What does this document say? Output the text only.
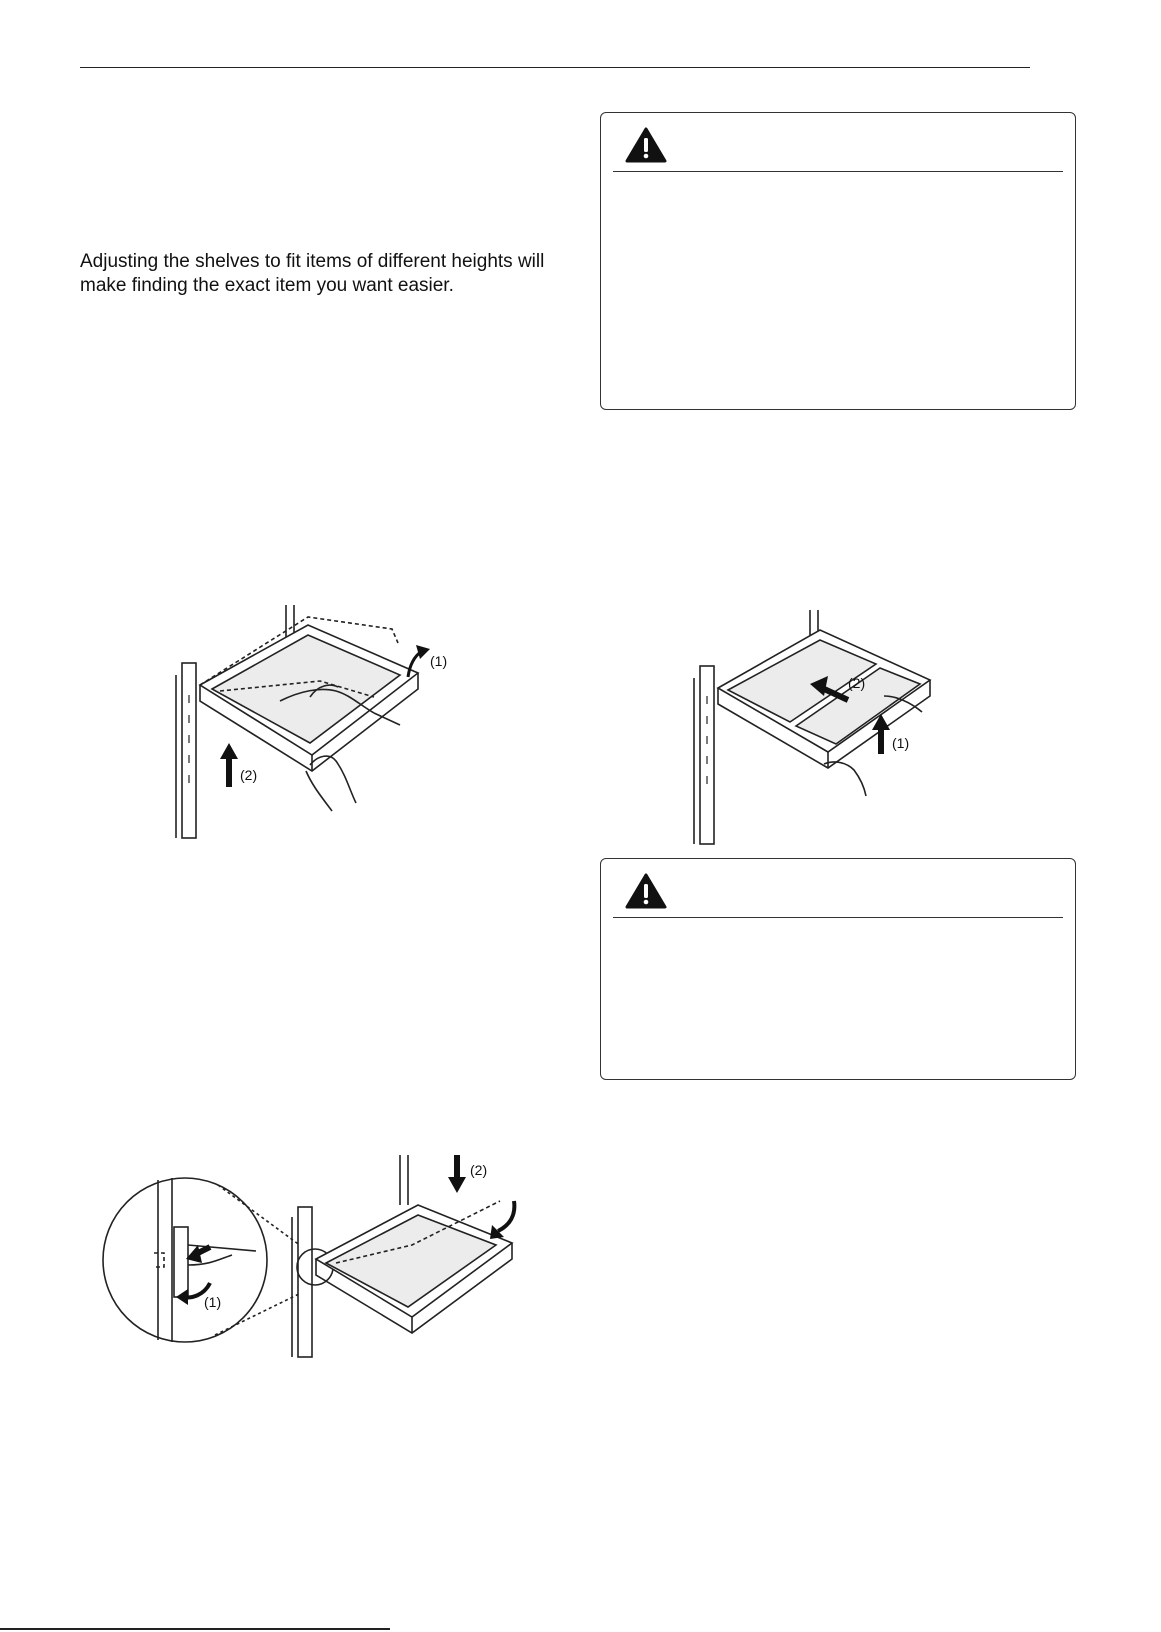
Adjusting the shelves to fit items of different heights will make finding the exact item you want easier.

(1)
(2)
(2)
(1)
(1)
(2)
